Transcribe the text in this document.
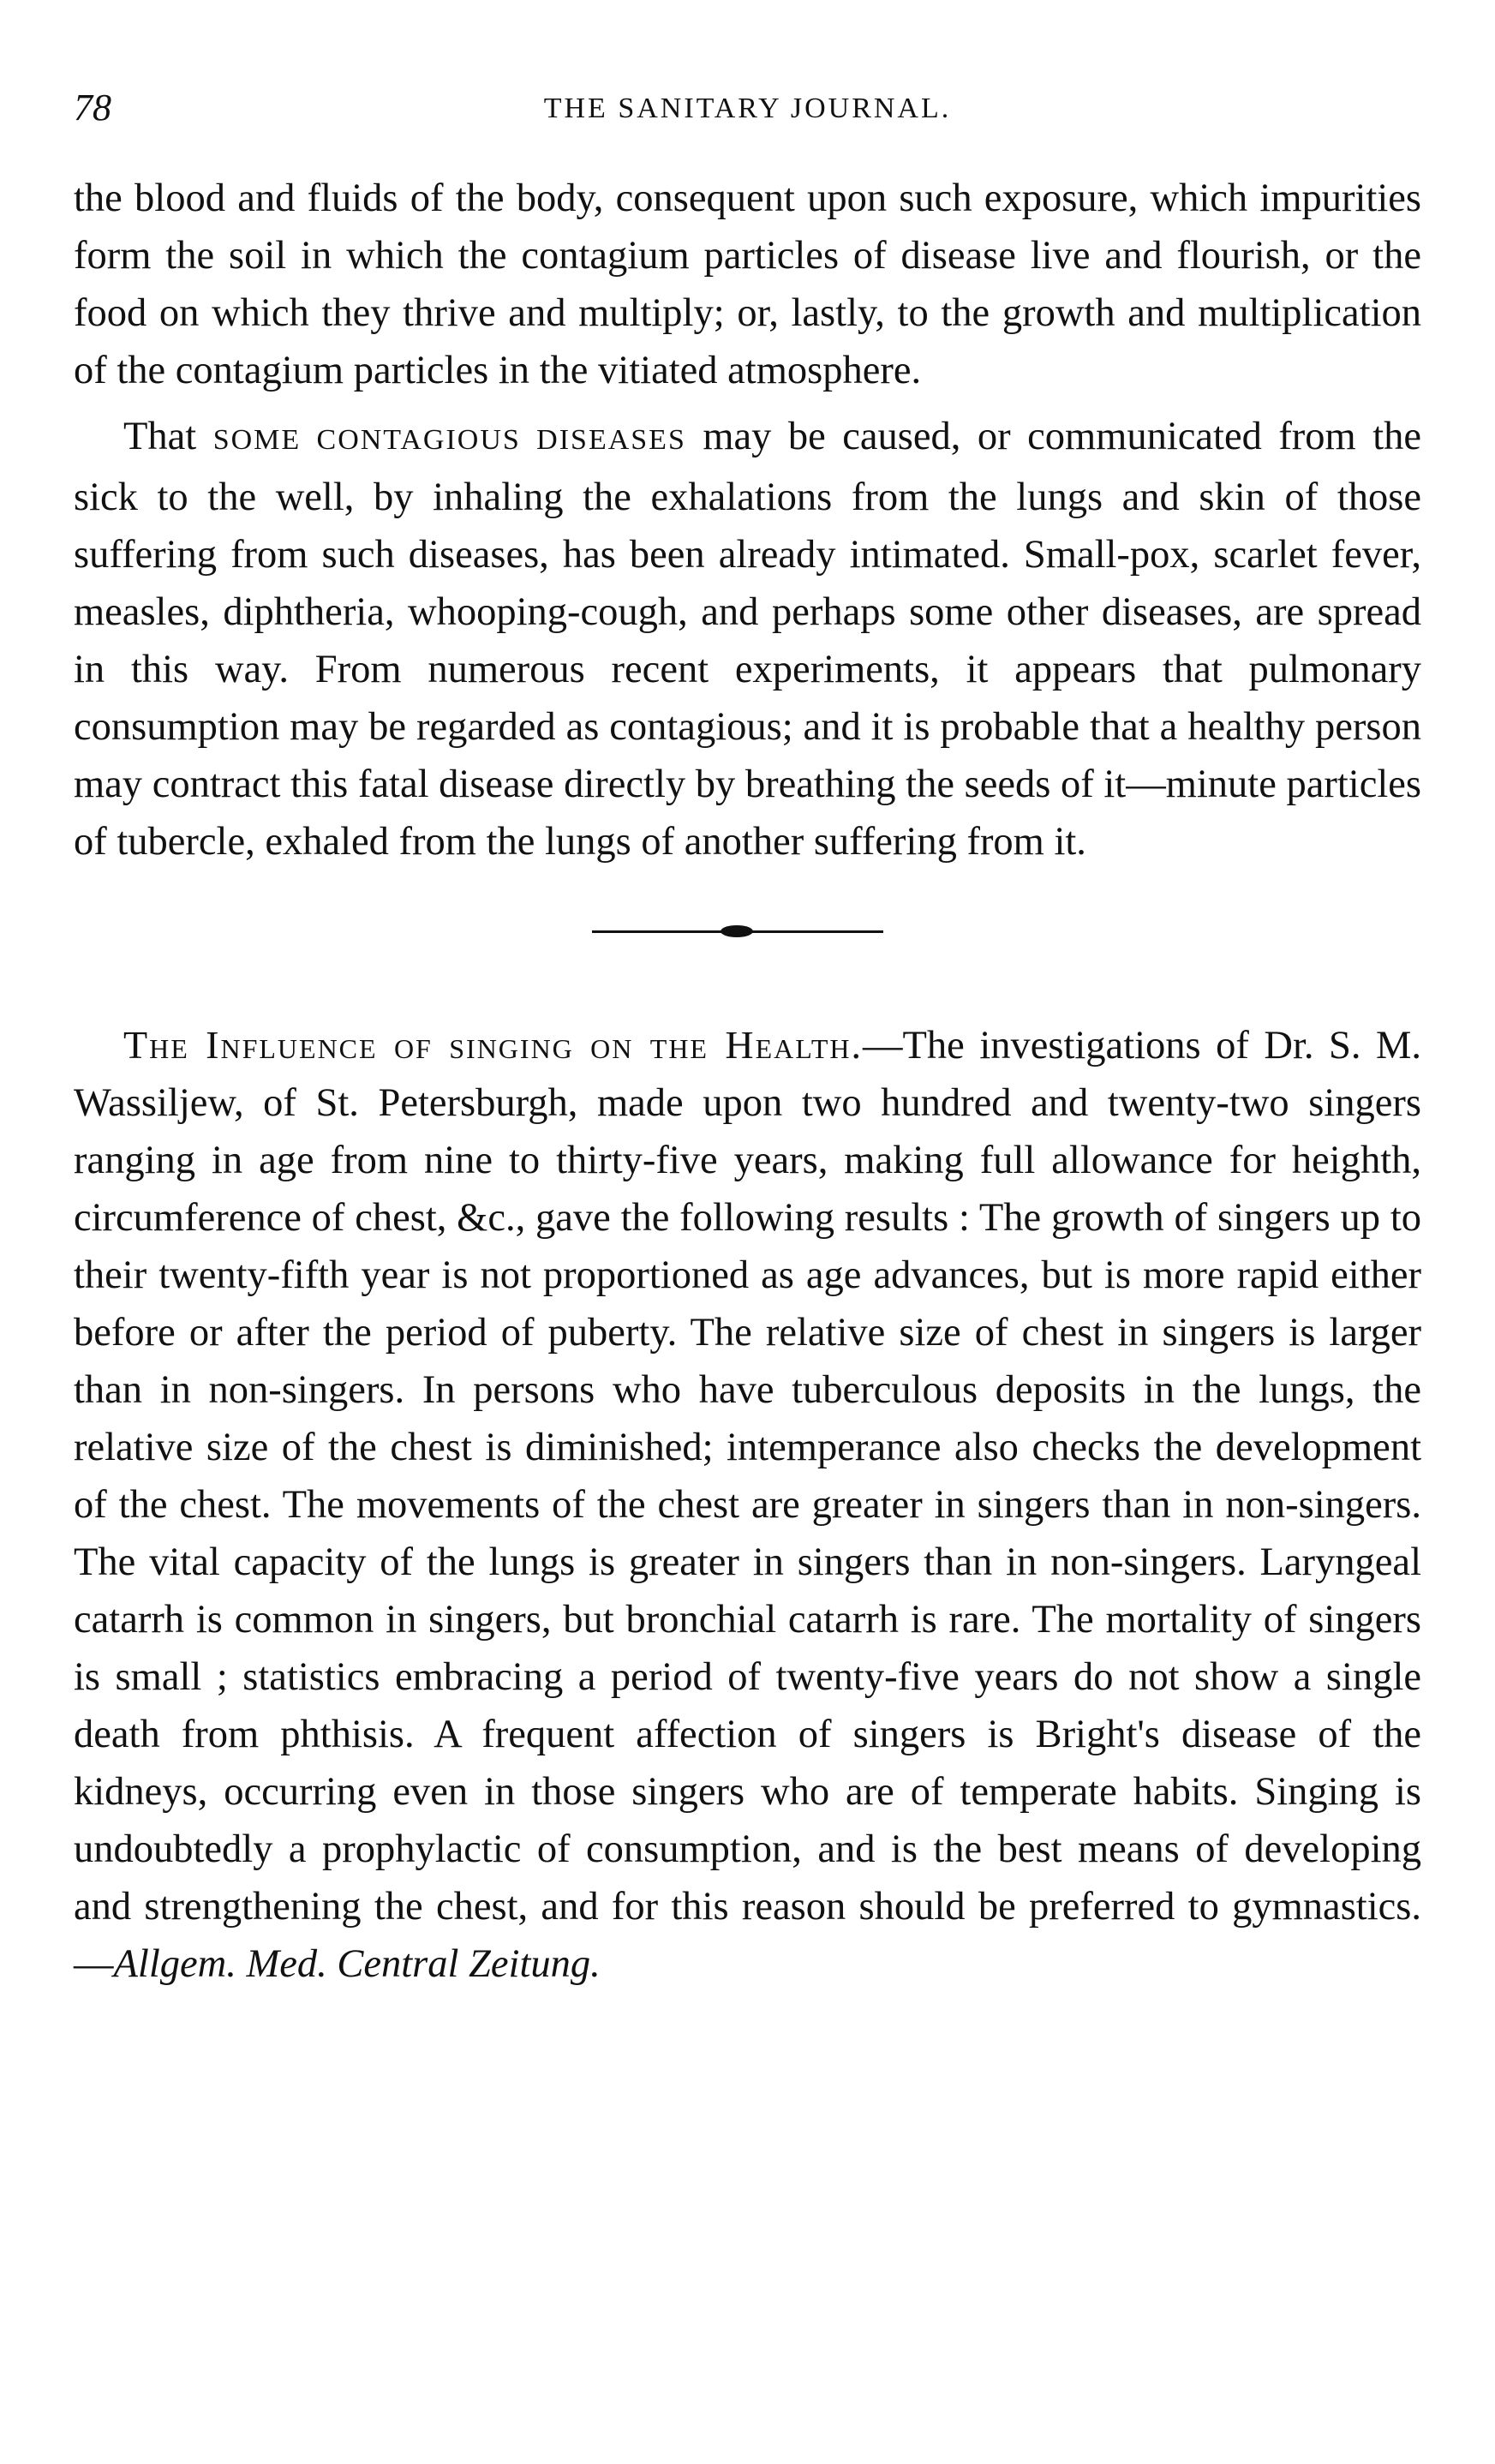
78	THE SANITARY JOURNAL.

the blood and fluids of the body, consequent upon such exposure, which impurities form the soil in which the contagium particles of disease live and flourish, or the food on which they thrive and multiply; or, lastly, to the growth and multiplication of the contagium particles in the vitiated atmosphere.

That SOME CONTAGIOUS DISEASES may be caused, or communicated from the sick to the well, by inhaling the exhalations from the lungs and skin of those suffering from such diseases, has been already intimated. Small-pox, scarlet fever, measles, diphtheria, whooping-cough, and perhaps some other diseases, are spread in this way. From numerous recent experiments, it appears that pulmonary consumption may be regarded as contagious; and it is probable that a healthy person may contract this fatal disease directly by breathing the seeds of it—minute particles of tubercle, exhaled from the lungs of another suffering from it.

The Influence of singing on the Health.—The investigations of Dr. S. M. Wassiljew, of St. Petersburgh, made upon two hundred and twenty-two singers ranging in age from nine to thirty-five years, making full allowance for heighth, circumference of chest, &c., gave the following results : The growth of singers up to their twenty-fifth year is not proportioned as age advances, but is more rapid either before or after the period of puberty. The relative size of chest in singers is larger than in non-singers. In persons who have tuberculous deposits in the lungs, the relative size of the chest is diminished; intemperance also checks the development of the chest. The movements of the chest are greater in singers than in non-singers. The vital capacity of the lungs is greater in singers than in non-singers. Laryngeal catarrh is common in singers, but bronchial catarrh is rare. The mortality of singers is small ; statistics embracing a period of twenty-five years do not show a single death from phthisis. A frequent affection of singers is Bright's disease of the kidneys, occurring even in those singers who are of temperate habits. Singing is undoubtedly a prophylactic of consumption, and is the best means of developing and strengthening the chest, and for this reason should be preferred to gymnastics.—Allgem. Med. Central Zeitung.
